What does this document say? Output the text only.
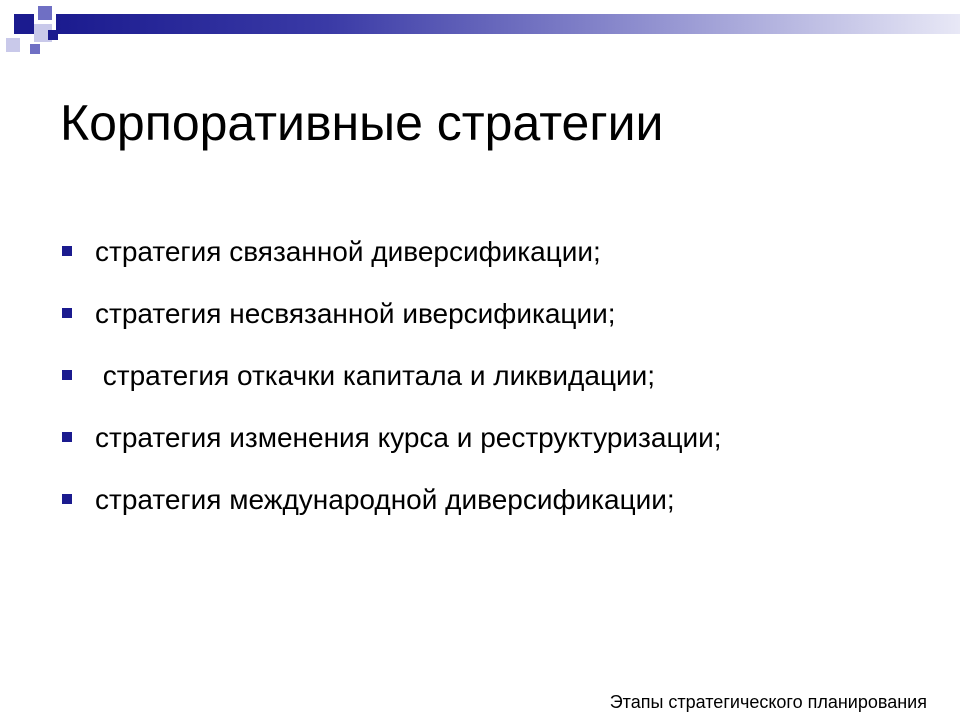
Корпоративные стратегии
стратегия связанной диверсификации;
стратегия несвязанной иверсификации;
стратегия откачки капитала и ликвидации;
стратегия изменения курса и реструктуризации;
стратегия международной диверсификации;
Этапы стратегического планирования
